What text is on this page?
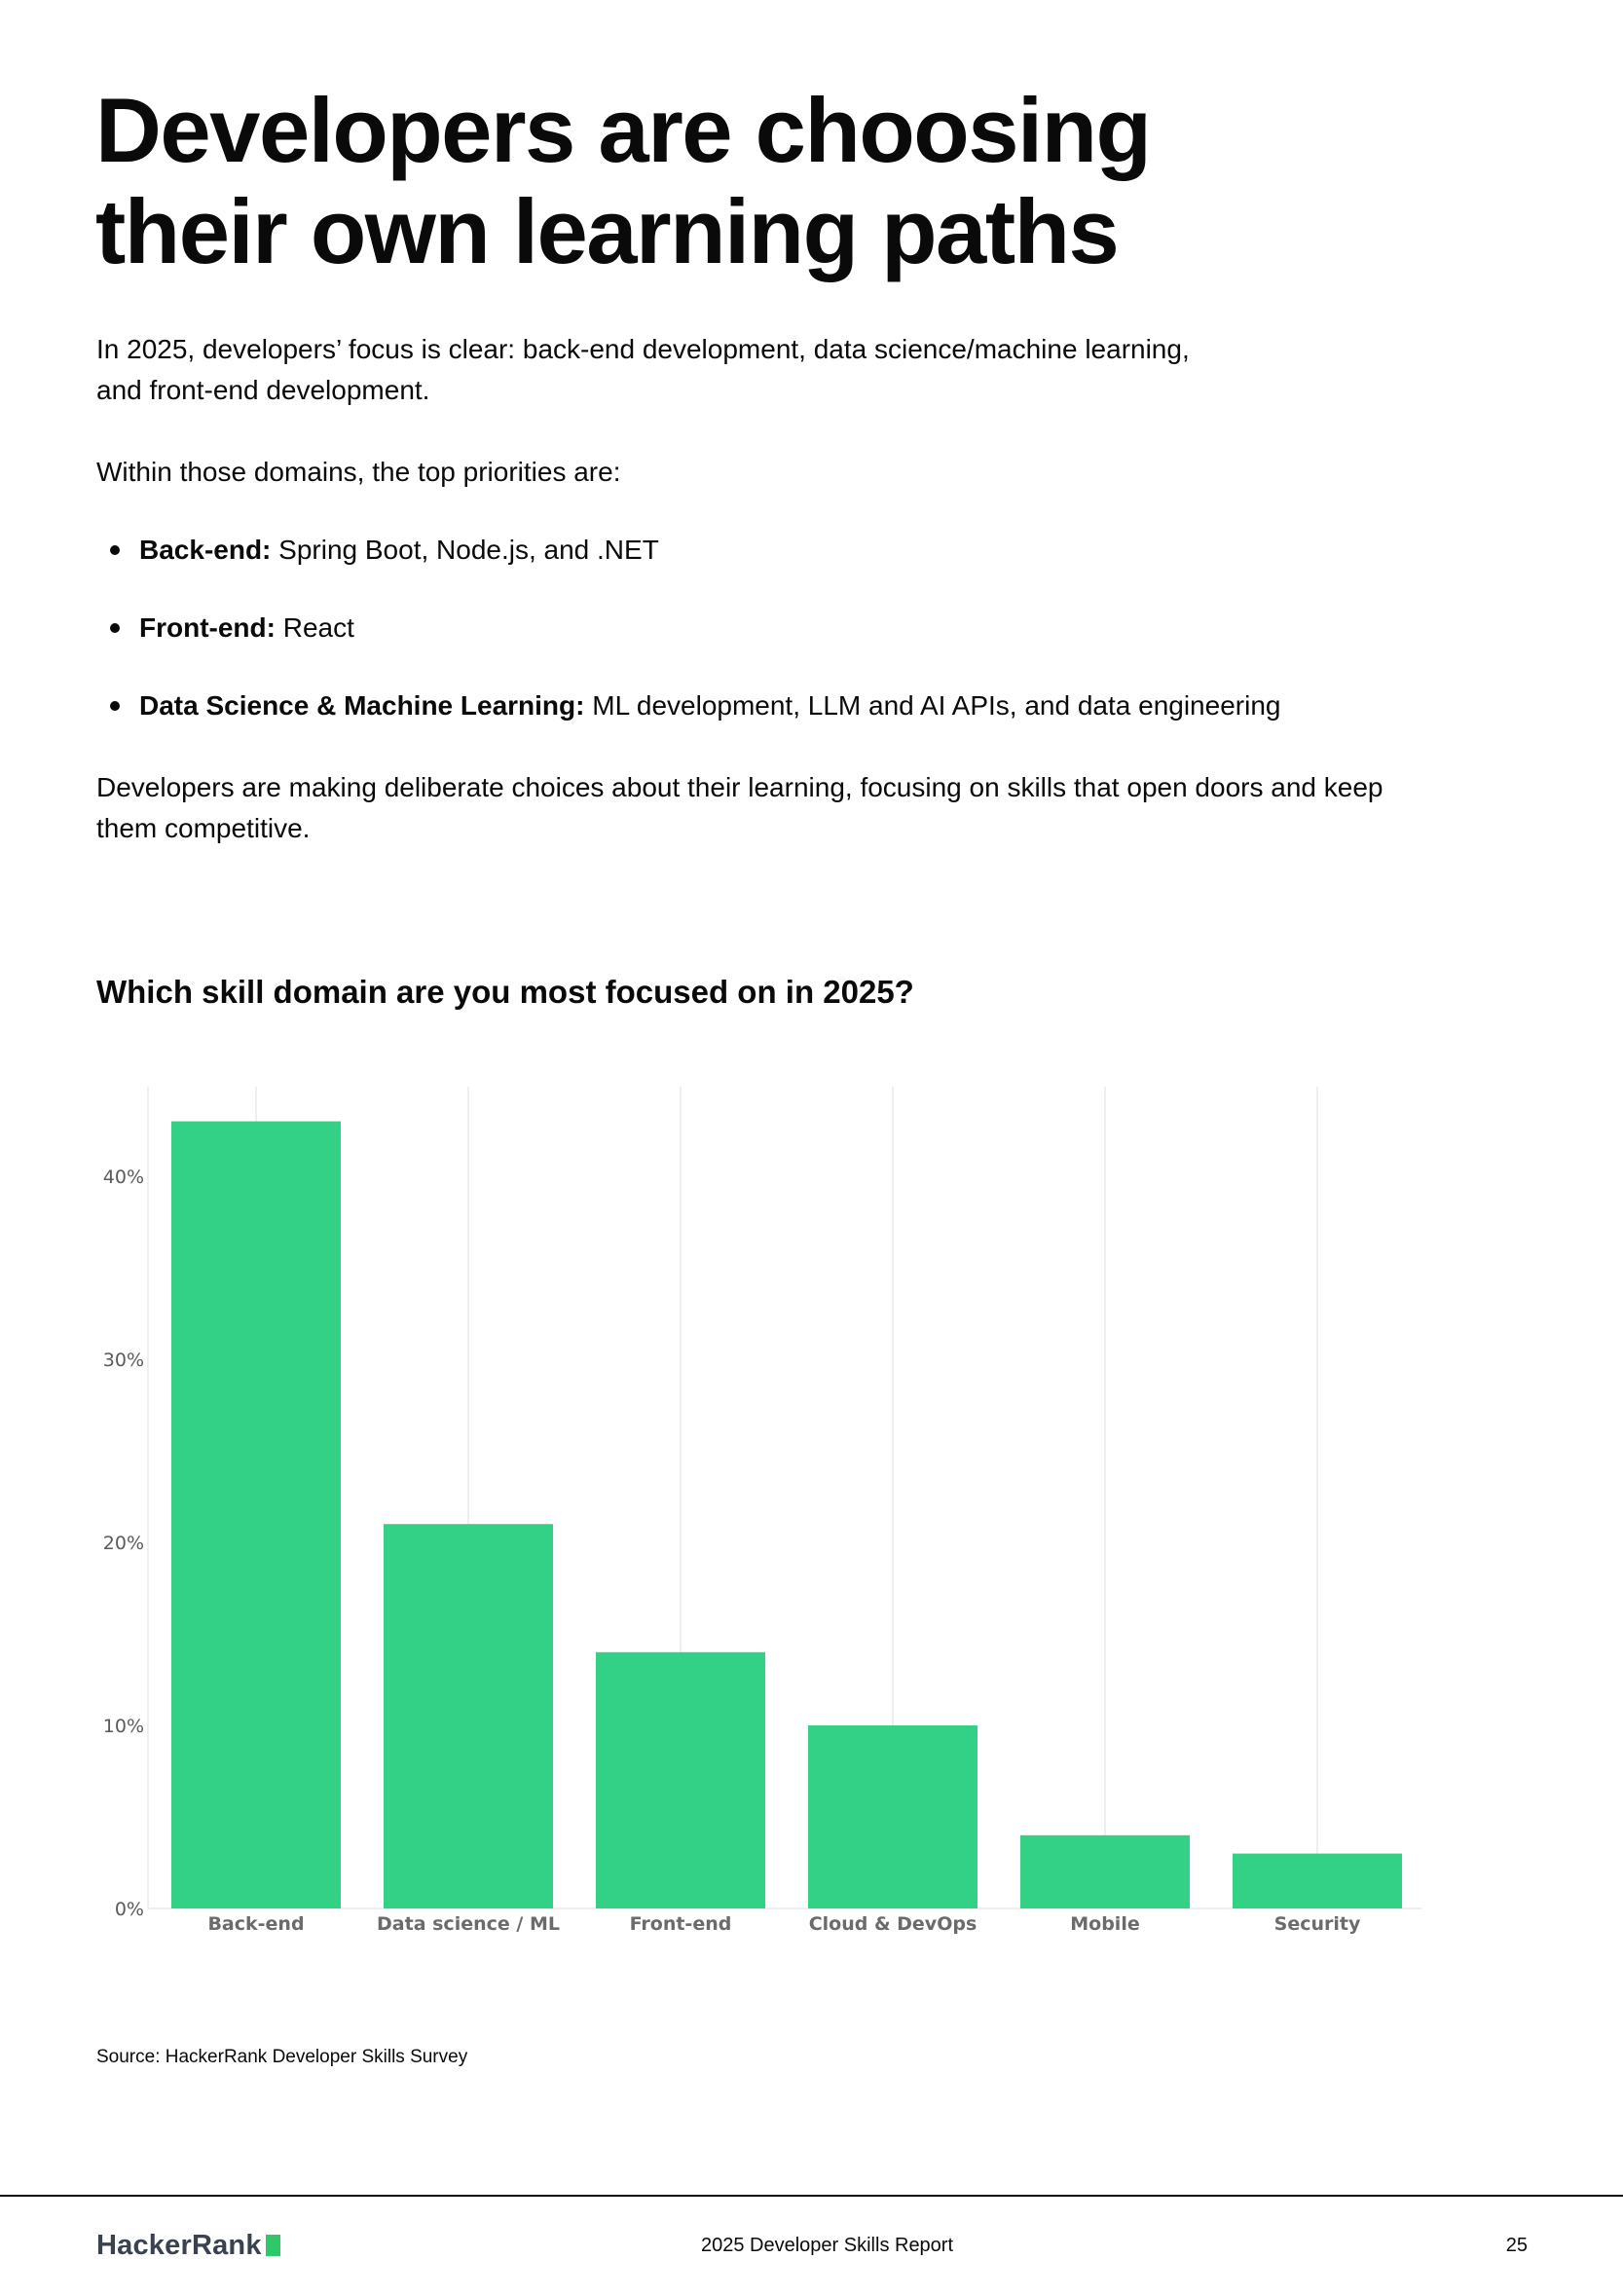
Developers are choosing
their own learning paths

In 2025, developers’ focus is clear: back-end development, data science/machine learning,
and front-end development.

Within those domains, the top priorities are:

Back-end: Spring Boot, Node.js, and .NET
Front-end: React
Data Science & Machine Learning: ML development, LLM and AI APIs, and data engineering

Developers are making deliberate choices about their learning, focusing on skills that open doors and keep
them competitive.

Which skill domain are you most focused on in 2025?
0%
10%
20%
30%
40%
Back-end	Data science / ML	Front-end	Cloud & DevOps	Mobile	Security

Source: HackerRank Developer Skills Survey

HackerRank	2025 Developer Skills Report	25
